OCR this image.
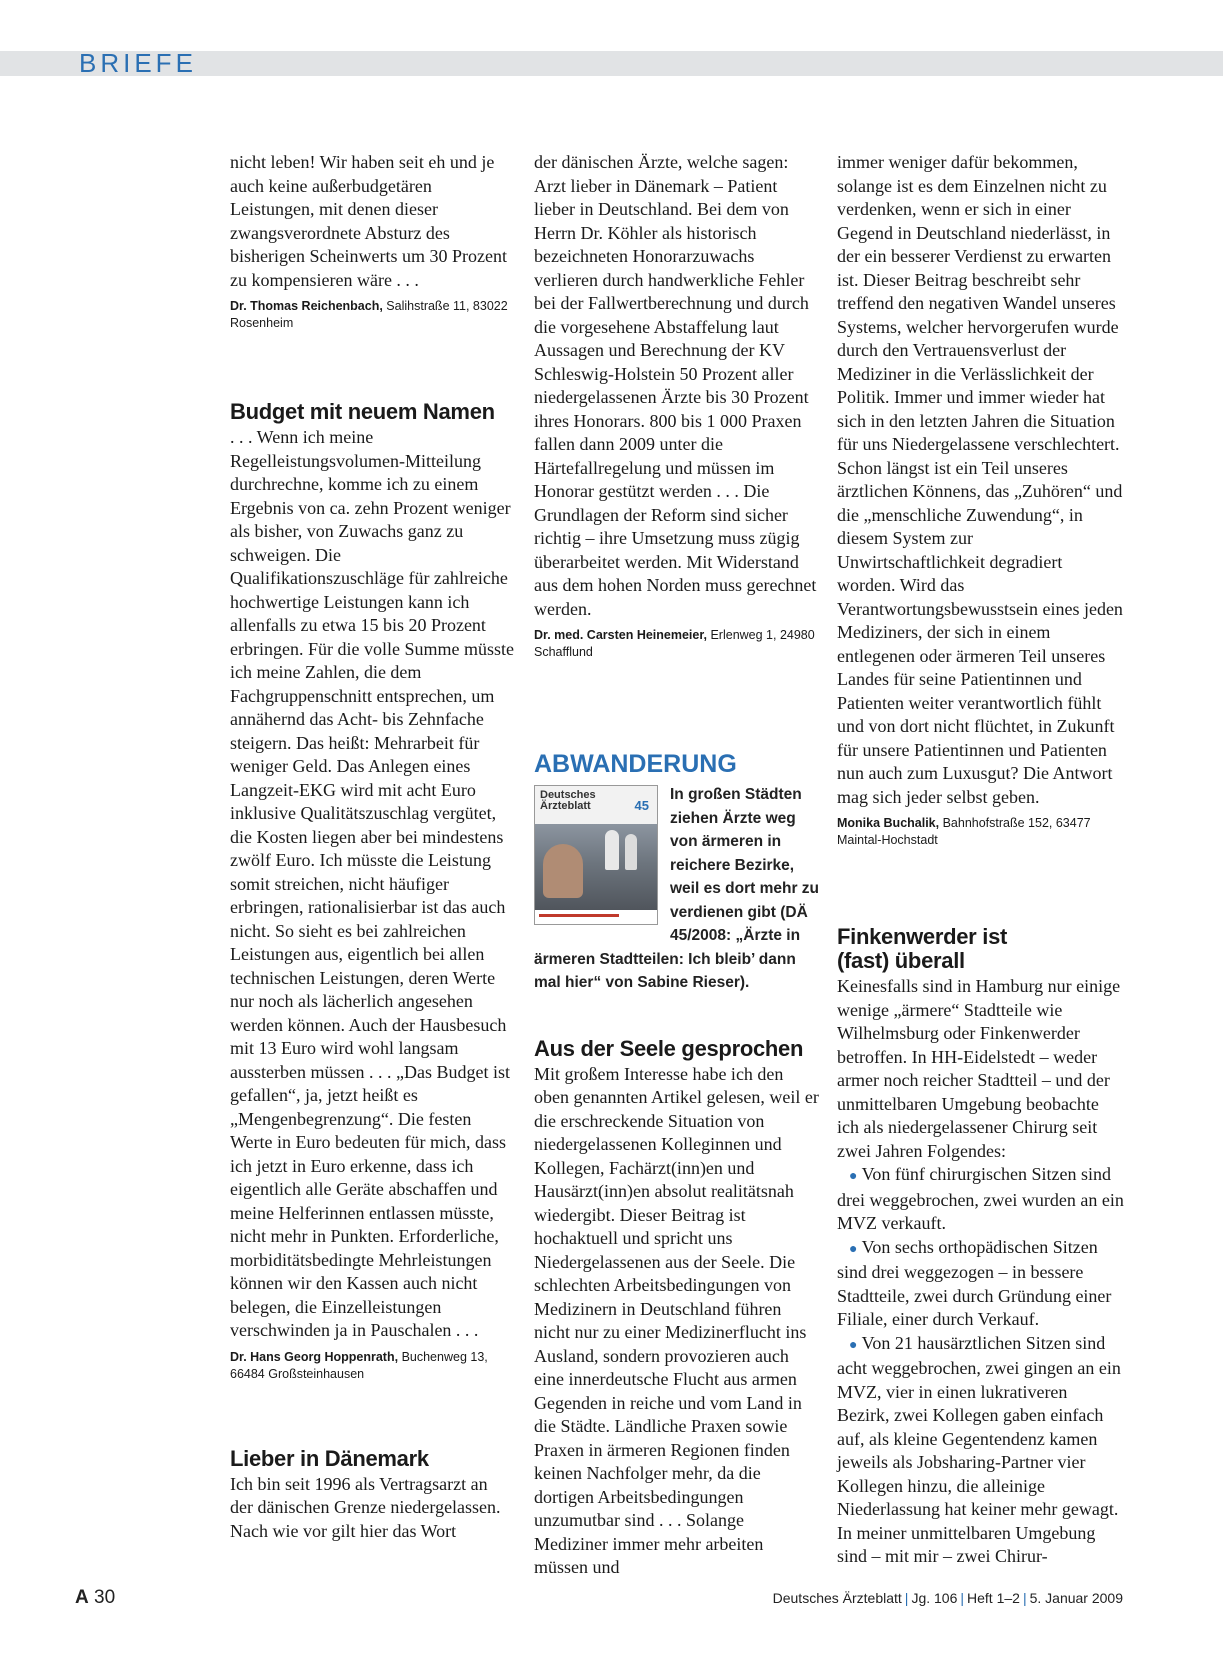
BRIEFE

nicht leben! Wir haben seit eh und je auch keine außerbudgetären Leistungen, mit denen dieser zwangsverordnete Absturz des bisherigen Scheinwerts um 30 Prozent zu kompensieren wäre . . .

Dr. Thomas Reichenbach, Salihstraße 11, 83022 Rosenheim
Budget mit neuem Namen

. . . Wenn ich meine Regelleistungsvolumen-Mitteilung durchrechne, komme ich zu einem Ergebnis von ca. zehn Prozent weniger als bisher, von Zuwachs ganz zu schweigen. Die Qualifikationszuschläge für zahlreiche hochwertige Leistungen kann ich allenfalls zu etwa 15 bis 20 Prozent erbringen. Für die volle Summe müsste ich meine Zahlen, die dem Fachgruppenschnitt entsprechen, um annähernd das Acht- bis Zehnfache steigern. Das heißt: Mehrarbeit für weniger Geld. Das Anlegen eines Langzeit-EKG wird mit acht Euro inklusive Qualitätszuschlag vergütet, die Kosten liegen aber bei mindestens zwölf Euro. Ich müsste die Leistung somit streichen, nicht häufiger erbringen, rationalisierbar ist das auch nicht. So sieht es bei zahlreichen Leistungen aus, eigentlich bei allen technischen Leistungen, deren Werte nur noch als lächerlich angesehen werden können. Auch der Hausbesuch mit 13 Euro wird wohl langsam aussterben müssen . . . „Das Budget ist gefallen“, ja, jetzt heißt es „Mengenbegrenzung“. Die festen Werte in Euro bedeuten für mich, dass ich jetzt in Euro erkenne, dass ich eigentlich alle Geräte abschaffen und meine Helferinnen entlassen müsste, nicht mehr in Punkten. Erforderliche, morbiditätsbedingte Mehrleistungen können wir den Kassen auch nicht belegen, die Einzelleistungen verschwinden ja in Pauschalen . . .

Dr. Hans Georg Hoppenrath, Buchenweg 13, 66484 Großsteinhausen
Lieber in Dänemark

Ich bin seit 1996 als Vertragsarzt an der dänischen Grenze niedergelassen. Nach wie vor gilt hier das Wort

der dänischen Ärzte, welche sagen: Arzt lieber in Dänemark – Patient lieber in Deutschland. Bei dem von Herrn Dr. Köhler als historisch bezeichneten Honorarzuwachs verlieren durch handwerkliche Fehler bei der Fallwertberechnung und durch die vorgesehene Abstaffelung laut Aussagen und Berechnung der KV Schleswig-Holstein 50 Prozent aller niedergelassenen Ärzte bis 30 Prozent ihres Honorars. 800 bis 1 000 Praxen fallen dann 2009 unter die Härtefallregelung und müssen im Honorar gestützt werden . . . Die Grundlagen der Reform sind sicher richtig – ihre Umsetzung muss zügig überarbeitet werden. Mit Widerstand aus dem hohen Norden muss gerechnet werden.

Dr. med. Carsten Heinemeier, Erlenweg 1, 24980 Schafflund
ABWANDERUNG
Deutsches Ärzteblatt	45
In großen Städten ziehen Ärzte weg von ärmeren in reichere Bezirke, weil es dort mehr zu verdienen gibt (DÄ 45/2008: „Ärzte in ärmeren Stadtteilen: Ich bleib’ dann mal hier“ von Sabine Rieser).
Aus der Seele gesprochen

Mit großem Interesse habe ich den oben genannten Artikel gelesen, weil er die erschreckende Situation von niedergelassenen Kolleginnen und Kollegen, Fachärzt(inn)en und Hausärzt(inn)en absolut realitätsnah wiedergibt. Dieser Beitrag ist hochaktuell und spricht uns Niedergelassenen aus der Seele. Die schlechten Arbeitsbedingungen von Medizinern in Deutschland führen nicht nur zu einer Medizinerflucht ins Ausland, sondern provozieren auch eine innerdeutsche Flucht aus armen Gegenden in reiche und vom Land in die Städte. Ländliche Praxen sowie Praxen in ärmeren Regionen finden keinen Nachfolger mehr, da die dortigen Arbeitsbedingungen unzumutbar sind . . . Solange Mediziner immer mehr arbeiten müssen und

immer weniger dafür bekommen, solange ist es dem Einzelnen nicht zu verdenken, wenn er sich in einer Gegend in Deutschland niederlässt, in der ein besserer Verdienst zu erwarten ist. Dieser Beitrag beschreibt sehr treffend den negativen Wandel unseres Systems, welcher hervorgerufen wurde durch den Vertrauensverlust der Mediziner in die Verlässlichkeit der Politik. Immer und immer wieder hat sich in den letzten Jahren die Situation für uns Niedergelassene verschlechtert. Schon längst ist ein Teil unseres ärztlichen Könnens, das „Zuhören“ und die „menschliche Zuwendung“, in diesem System zur Unwirtschaftlichkeit degradiert worden. Wird das Verantwortungsbewusstsein eines jeden Mediziners, der sich in einem entlegenen oder ärmeren Teil unseres Landes für seine Patientinnen und Patienten weiter verantwortlich fühlt und von dort nicht flüchtet, in Zukunft für unsere Patientinnen und Patienten nun auch zum Luxusgut? Die Antwort mag sich jeder selbst geben.

Monika Buchalik, Bahnhofstraße 152, 63477 Maintal-Hochstadt
Finkenwerder ist
(fast) überall

Keinesfalls sind in Hamburg nur einige wenige „ärmere“ Stadtteile wie Wilhelmsburg oder Finkenwerder betroffen. In HH-Eidelstedt – weder armer noch reicher Stadtteil – und der unmittelbaren Umgebung beobachte ich als niedergelassener Chirurg seit zwei Jahren Folgendes:

● Von fünf chirurgischen Sitzen sind drei weggebrochen, zwei wurden an ein MVZ verkauft.

● Von sechs orthopädischen Sitzen sind drei weggezogen – in bessere Stadtteile, zwei durch Gründung einer Filiale, einer durch Verkauf.

● Von 21 hausärztlichen Sitzen sind acht weggebrochen, zwei gingen an ein MVZ, vier in einen lukrativeren Bezirk, zwei Kollegen gaben einfach auf, als kleine Gegentendenz kamen jeweils als Jobsharing-Partner vier Kollegen hinzu, die alleinige Niederlassung hat keiner mehr gewagt. In meiner unmittelbaren Umgebung sind – mit mir – zwei Chirur-

A 30	Deutsches Ärzteblatt | Jg. 106 | Heft 1–2 | 5. Januar 2009
